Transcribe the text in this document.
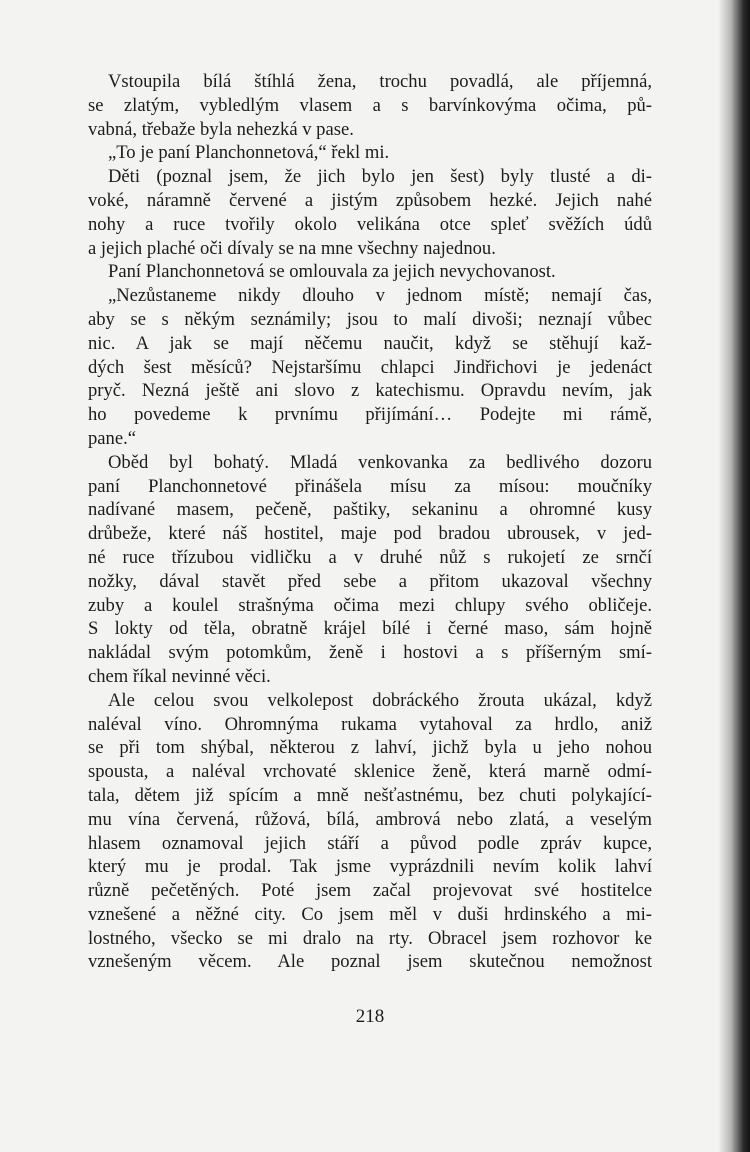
Vstoupila bílá štíhlá žena, trochu povadlá, ale příjemná,
se zlatým, vybledlým vlasem a s barvínkovýma očima, pů-
vabná, třebaže byla nehezká v pase.
„To je paní Planchonnetová,“ řekl mi.
Děti (poznal jsem, že jich bylo jen šest) byly tlusté a di-
voké, náramně červené a jistým způsobem hezké. Jejich nahé
nohy a ruce tvořily okolo velikána otce spleť svěžích údů
a jejich plaché oči dívaly se na mne všechny najednou.
Paní Planchonnetová se omlouvala za jejich nevychovanost.
„Nezůstaneme nikdy dlouho v jednom místě; nemají čas,
aby se s někým seznámily; jsou to malí divoši; neznají vůbec
nic. A jak se mají něčemu naučit, když se stěhují kaž-
dých šest měsíců? Nejstaršímu chlapci Jindřichovi je jedenáct
pryč. Nezná ještě ani slovo z katechismu. Opravdu nevím, jak
ho povedeme k prvnímu přijímání… Podejte mi rámě,
pane.“
Oběd byl bohatý. Mladá venkovanka za bedlivého dozoru
paní Planchonnetové přinášela mísu za mísou: moučníky
nadívané masem, pečeně, paštiky, sekaninu a ohromné kusy
drůbeže, které náš hostitel, maje pod bradou ubrousek, v jed-
né ruce třízubou vidličku a v druhé nůž s rukojetí ze srnčí
nožky, dával stavět před sebe a přitom ukazoval všechny
zuby a koulel strašnýma očima mezi chlupy svého obličeje.
S lokty od těla, obratně krájel bílé i černé maso, sám hojně
nakládal svým potomkům, ženě i hostovi a s příšerným smí-
chem říkal nevinné věci.
Ale celou svou velkolepost dobráckého žrouta ukázal, když
naléval víno. Ohromnýma rukama vytahoval za hrdlo, aniž
se při tom shýbal, některou z lahví, jichž byla u jeho nohou
spousta, a naléval vrchovaté sklenice ženě, která marně odmí-
tala, dětem již spícím a mně nešťastnému, bez chuti polykající-
mu vína červená, růžová, bílá, ambrová nebo zlatá, a veselým
hlasem oznamoval jejich stáří a původ podle zpráv kupce,
který mu je prodal. Tak jsme vyprázdnili nevím kolik lahví
různě pečetěných. Poté jsem začal projevovat své hostitelce
vznešené a něžné city. Co jsem měl v duši hrdinského a mi-
lostného, všecko se mi dralo na rty. Obracel jsem rozhovor ke
vznešeným věcem. Ale poznal jsem skutečnou nemožnost
218
